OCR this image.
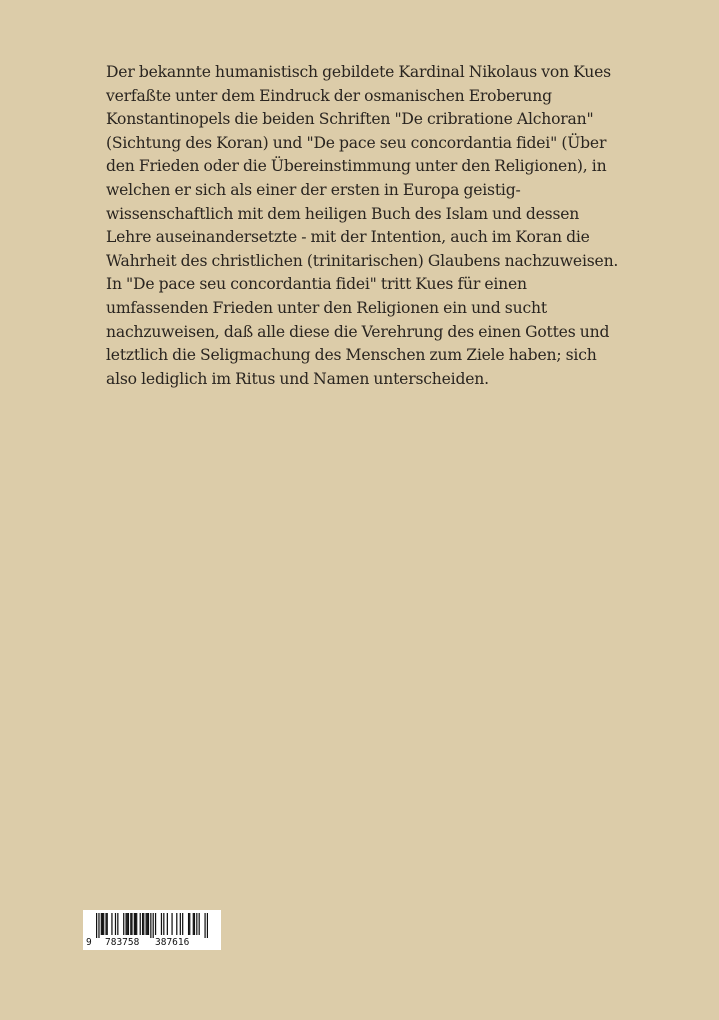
Der bekannte humanistisch gebildete Kardinal Nikolaus von Kues verfaßte unter dem Eindruck der osmanischen Eroberung Konstantinopels die beiden Schriften "De cribratione Alchoran" (Sichtung des Koran) und "De pace seu concordantia fidei" (Über den Frieden oder die Übereinstimmung unter den Religionen), in welchen er sich als einer der ersten in Europa geistig-wissenschaftlich mit dem heiligen Buch des Islam und dessen Lehre auseinandersetzte - mit der Intention, auch im Koran die Wahrheit des christlichen (trinitarischen) Glaubens nachzuweisen.

In "De pace seu concordantia fidei" tritt Kues für einen umfassenden Frieden unter den Religionen ein und sucht nachzuweisen, daß alle diese die Verehrung des einen Gottes und letztlich die Seligmachung des Menschen zum Ziele haben; sich also lediglich im Ritus und Namen unterscheiden.

9

783758

387616
